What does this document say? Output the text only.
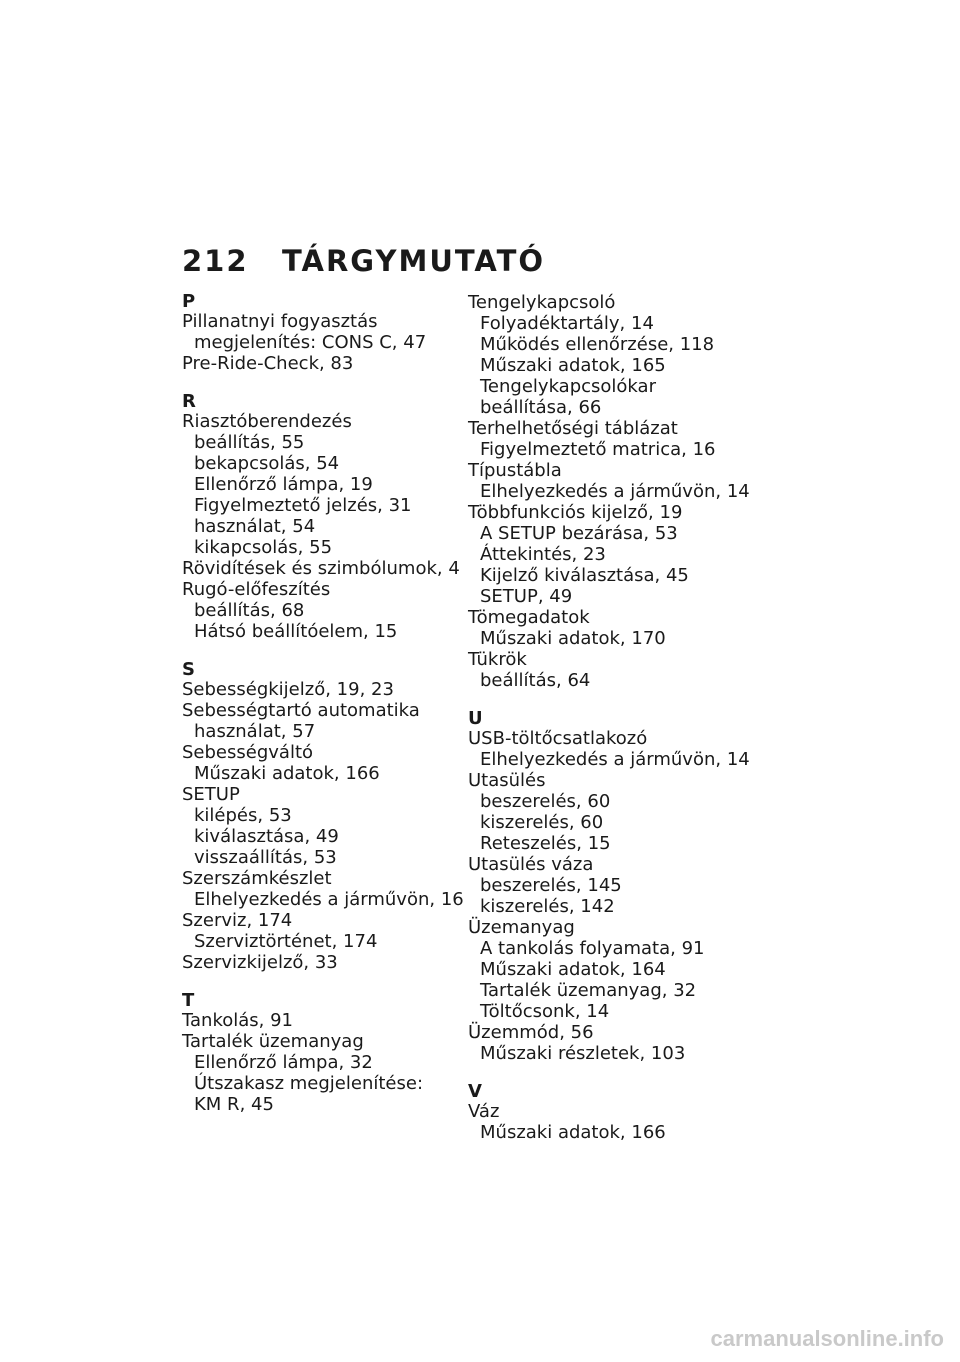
212 TÁRGYMUTATÓ
P
Pillanatnyi fogyasztás
megjelenítés: CONS C, 47
Pre-Ride-Check, 83
R
Riasztóberendezés
beállítás, 55
bekapcsolás, 54
Ellenőrző lámpa, 19
Figyelmeztető jelzés, 31
használat, 54
kikapcsolás, 55
Rövidítések és szimbólumok, 4
Rugó-előfeszítés
beállítás, 68
Hátsó beállítóelem, 15
S
Sebességkijelző, 19, 23
Sebességtartó automatika
használat, 57
Sebességváltó
Műszaki adatok, 166
SETUP
kilépés, 53
kiválasztása, 49
visszaállítás, 53
Szerszámkészlet
Elhelyezkedés a járművön, 16
Szerviz, 174
Szerviztörténet, 174
Szervizkijelző, 33
T
Tankolás, 91
Tartalék üzemanyag
Ellenőrző lámpa, 32
Útszakasz megjelenítése:
KM R, 45
Tengelykapcsoló
Folyadéktartály, 14
Működés ellenőrzése, 118
Műszaki adatok, 165
Tengelykapcsolókar
beállítása, 66
Terhelhetőségi táblázat
Figyelmeztető matrica, 16
Típustábla
Elhelyezkedés a járművön, 14
Többfunkciós kijelző, 19
A SETUP bezárása, 53
Áttekintés, 23
Kijelző kiválasztása, 45
SETUP, 49
Tömegadatok
Műszaki adatok, 170
Tükrök
beállítás, 64
U
USB-töltőcsatlakozó
Elhelyezkedés a járművön, 14
Utasülés
beszerelés, 60
kiszerelés, 60
Reteszelés, 15
Utasülés váza
beszerelés, 145
kiszerelés, 142
Üzemanyag
A tankolás folyamata, 91
Műszaki adatok, 164
Tartalék üzemanyag, 32
Töltőcsonk, 14
Üzemmód, 56
Műszaki részletek, 103
V
Váz
Műszaki adatok, 166
carmanualsonline.info
